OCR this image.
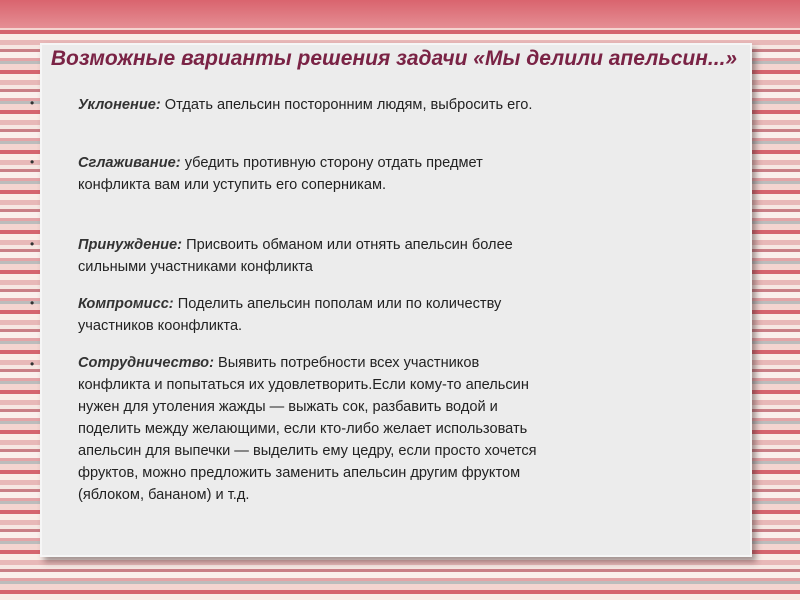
Возможные варианты решения задачи «Мы делили апельсин...»
•	Уклонение: Отдать апельсин посторонним людям, выбросить его.
•	Сглаживание: убедить противную сторону отдать предмет конфликта вам или уступить его соперникам.
•	Принуждение: Присвоить обманом или отнять апельсин более сильными участниками конфликта
•	Компромисс: Поделить апельсин пополам или по количеству участников коонфликта.
•	Сотрудничество: Выявить потребности всех участников конфликта и попытаться их удовлетворить.Если кому-то апельсин нужен для утоления жажды — выжать сок, разбавить водой и поделить между желающими, если кто-либо желает использовать апельсин для выпечки — выделить ему цедру, если просто хочется фруктов, можно предложить заменить апельсин другим фруктом (яблоком, бананом) и т.д.
